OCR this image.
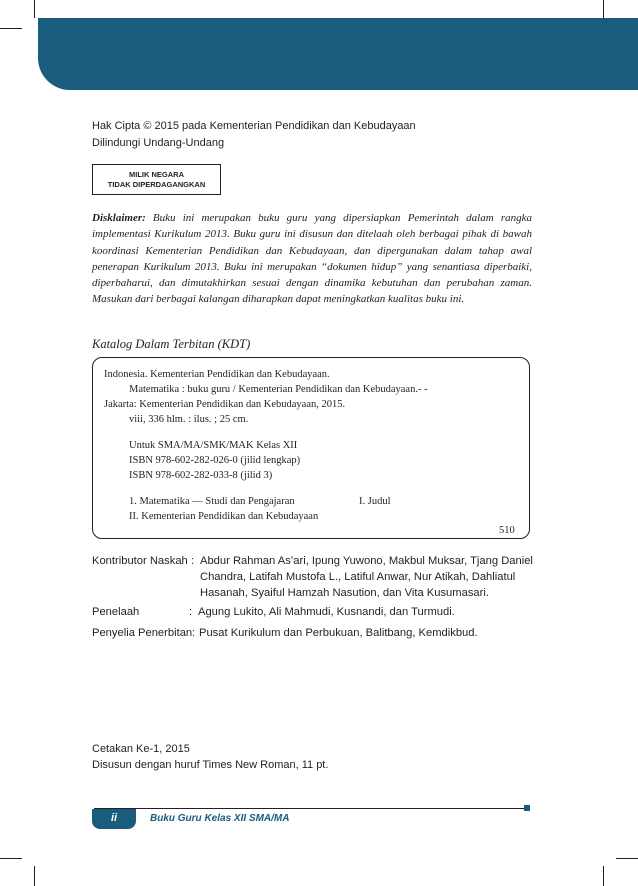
Hak Cipta © 2015 pada Kementerian Pendidikan dan Kebudayaan
Dilindungi Undang-Undang
MILIK NEGARA
TIDAK DIPERDAGANGKAN
Disklaimer: Buku ini merupakan buku guru yang dipersiapkan Pemerintah dalam rangka implementasi Kurikulum 2013. Buku guru ini disusun dan ditelaah oleh berbagai pihak di bawah koordinasi Kementerian Pendidikan dan Kebudayaan, dan dipergunakan dalam tahap awal penerapan Kurikulum 2013. Buku ini merupakan “dokumen hidup” yang senantiasa diperbaiki, diperbaharui, dan dimutakhirkan sesuai dengan dinamika kebutuhan dan perubahan zaman. Masukan dari berbagai kalangan diharapkan dapat meningkatkan kualitas buku ini.
Katalog Dalam Terbitan (KDT)
Indonesia. Kementerian Pendidikan dan Kebudayaan.
Matematika : buku guru / Kementerian Pendidikan dan Kebudayaan.- -
Jakarta: Kementerian Pendidikan dan Kebudayaan, 2015.
viii, 336 hlm. : ilus. ; 25 cm.
Untuk SMA/MA/SMK/MAK Kelas XII
ISBN 978-602-282-026-0 (jilid lengkap)
ISBN 978-602-282-033-8 (jilid 3)
1. Matematika — Studi dan Pengajaran	I. Judul
II. Kementerian Pendidikan dan Kebudayaan
510
Kontributor Naskah : Abdur Rahman As’ari, Ipung Yuwono, Makbul Muksar, Tjang Daniel
Chandra, Latifah Mustofa L., Latiful Anwar, Nur Atikah, Dahliatul
Hasanah, Syaiful Hamzah Nasution, dan Vita Kusumasari.
Penelaah	: Agung Lukito, Ali Mahmudi, Kusnandi, dan Turmudi.
Penyelia Penerbitan : Pusat Kurikulum dan Perbukuan, Balitbang, Kemdikbud.
Cetakan Ke-1, 2015
Disusun dengan huruf Times New Roman, 11 pt.
ii	Buku Guru Kelas XII SMA/MA
